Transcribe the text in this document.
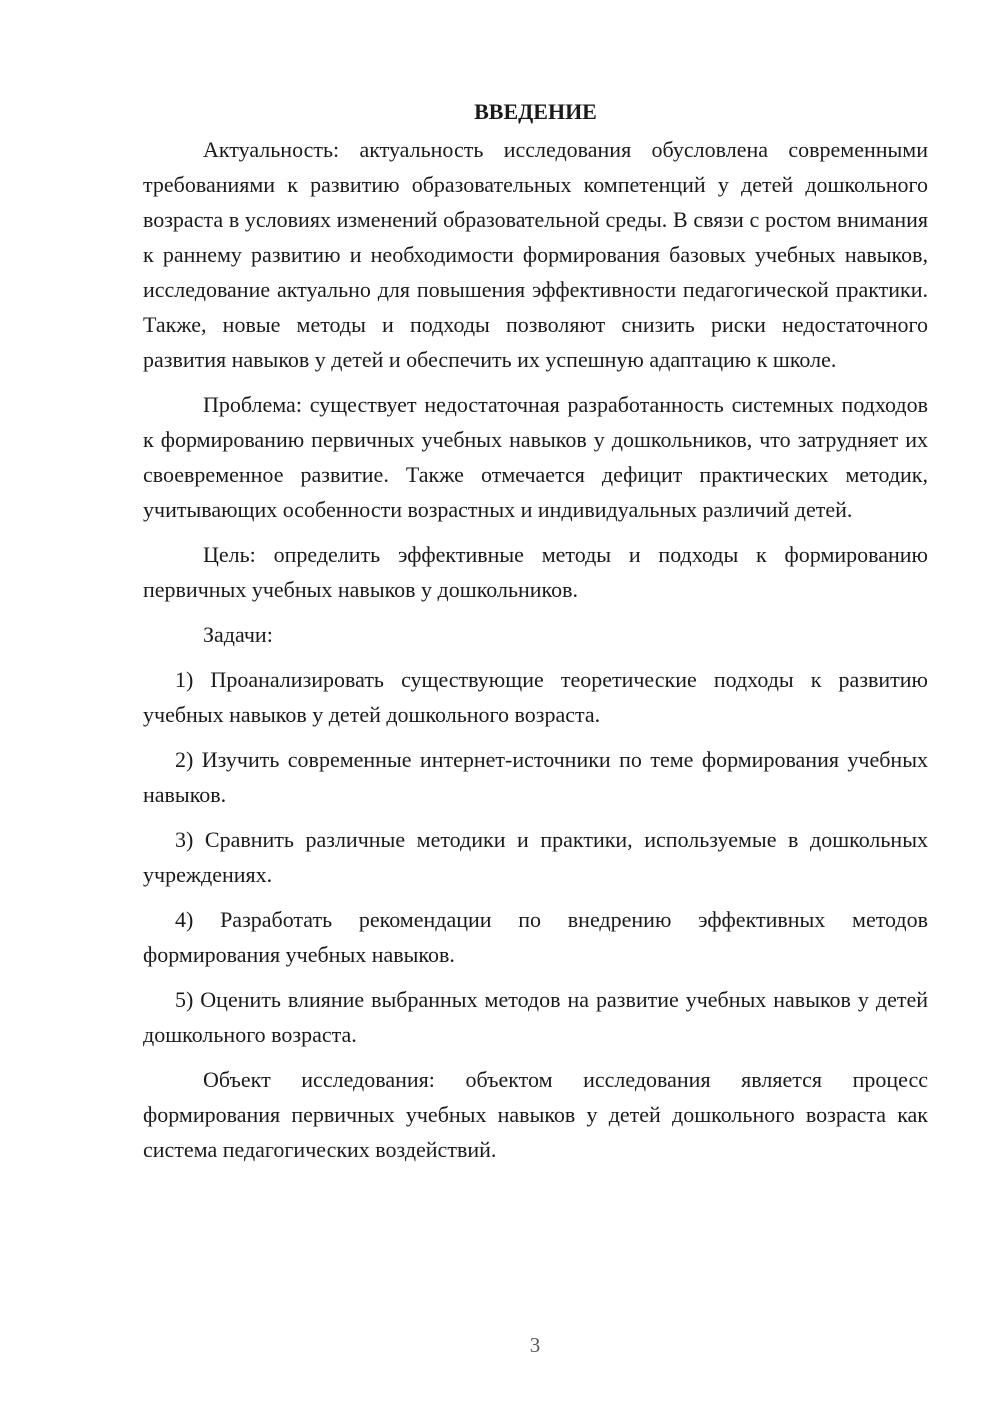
ВВЕДЕНИЕ

Актуальность: актуальность исследования обусловлена современными требованиями к развитию образовательных компетенций у детей дошкольного возраста в условиях изменений образовательной среды. В связи с ростом внимания к раннему развитию и необходимости формирования базовых учебных навыков, исследование актуально для повышения эффективности педагогической практики. Также, новые методы и подходы позволяют снизить риски недостаточного развития навыков у детей и обеспечить их успешную адаптацию к школе.

Проблема: существует недостаточная разработанность системных подходов к формированию первичных учебных навыков у дошкольников, что затрудняет их своевременное развитие. Также отмечается дефицит практических методик, учитывающих особенности возрастных и индивидуальных различий детей.

Цель: определить эффективные методы и подходы к формированию первичных учебных навыков у дошкольников.

Задачи:

1) Проанализировать существующие теоретические подходы к развитию учебных навыков у детей дошкольного возраста.

2) Изучить современные интернет-источники по теме формирования учебных навыков.

3) Сравнить различные методики и практики, используемые в дошкольных учреждениях.

4) Разработать рекомендации по внедрению эффективных методов формирования учебных навыков.

5) Оценить влияние выбранных методов на развитие учебных навыков у детей дошкольного возраста.

Объект исследования: объектом исследования является процесс формирования первичных учебных навыков у детей дошкольного возраста как система педагогических воздействий.

3
